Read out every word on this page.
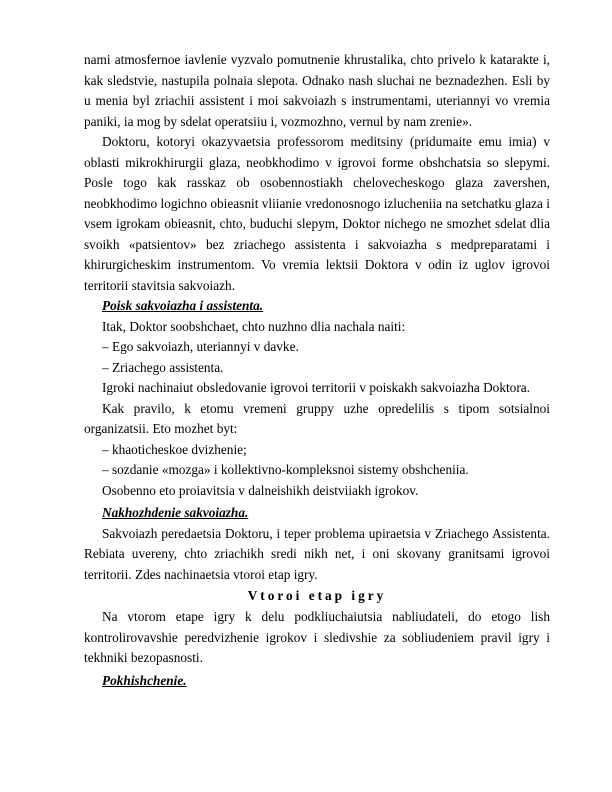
nami atmosfernoe iavlenie vyzvalo pomutnenie khrustalika, chto privelo k katarakte i, kak sledstvie, nastupila polnaia slepota. Odnako nash sluchai ne beznadezhen. Esli by u menia byl zriachii assistent i moi sakvoiazh s instrumentami, uteriannyi vo vremia paniki, ia mog by sdelat operatsiiu i, vozmozhno, vernul by nam zrenie».

Doktoru, kotoryi okazyvaetsia professorom meditsiny (pridumaite emu imia) v oblasti mikrokhirurgii glaza, neobkhodimo v igrovoi forme obshchatsia so slepymi. Posle togo kak rasskaz ob osobennostiakh chelovecheskogo glaza zavershen, neobkhodimo logichno obieasnit vliianie vredonosnogo izlucheniia na setchatku glaza i vsem igrokam obieasnit, chto, buduchi slepym, Doktor nichego ne smozhet sdelat dlia svoikh «patsientov» bez zriachego assistenta i sakvoiazha s medpreparatami i khirurgicheskim instrumentom. Vo vremia lektsii Doktora v odin iz uglov igrovoi territorii stavitsia sakvoiazh.

Poisk sakvoiazha i assistenta.

Itak, Doktor soobshchaet, chto nuzhno dlia nachala naiti:

– Ego sakvoiazh, uteriannyi v davke.

– Zriachego assistenta.

Igroki nachinaiut obsledovanie igrovoi territorii v poiskakh sakvoiazha Doktora.

Kak pravilo, k etomu vremeni gruppy uzhe opredelilis s tipom sotsialnoi organizatsii. Eto mozhet byt:

– khaoticheskoe dvizhenie;

– sozdanie «mozga» i kollektivno-kompleksnoi sistemy obshcheniia.

Osobenno eto proiavitsia v dalneishikh deistviiakh igrokov.

Nakhozhdenie sakvoiazha.

Sakvoiazh peredaetsia Doktoru, i teper problema upiraetsia v Zriachego Assistenta. Rebiata uvereny, chto zriachikh sredi nikh net, i oni skovany granitsami igrovoi territorii. Zdes nachinaetsia vtoroi etap igry.

Vtoroi etap igry

Na vtorom etape igry k delu podkliuchaiutsia nabliudateli, do etogo lish kontrolirovavshie peredvizhenie igrokov i sledivshie za sobliudeniem pravil igry i tekhniki bezopasnosti.

Pokhishchenie.
